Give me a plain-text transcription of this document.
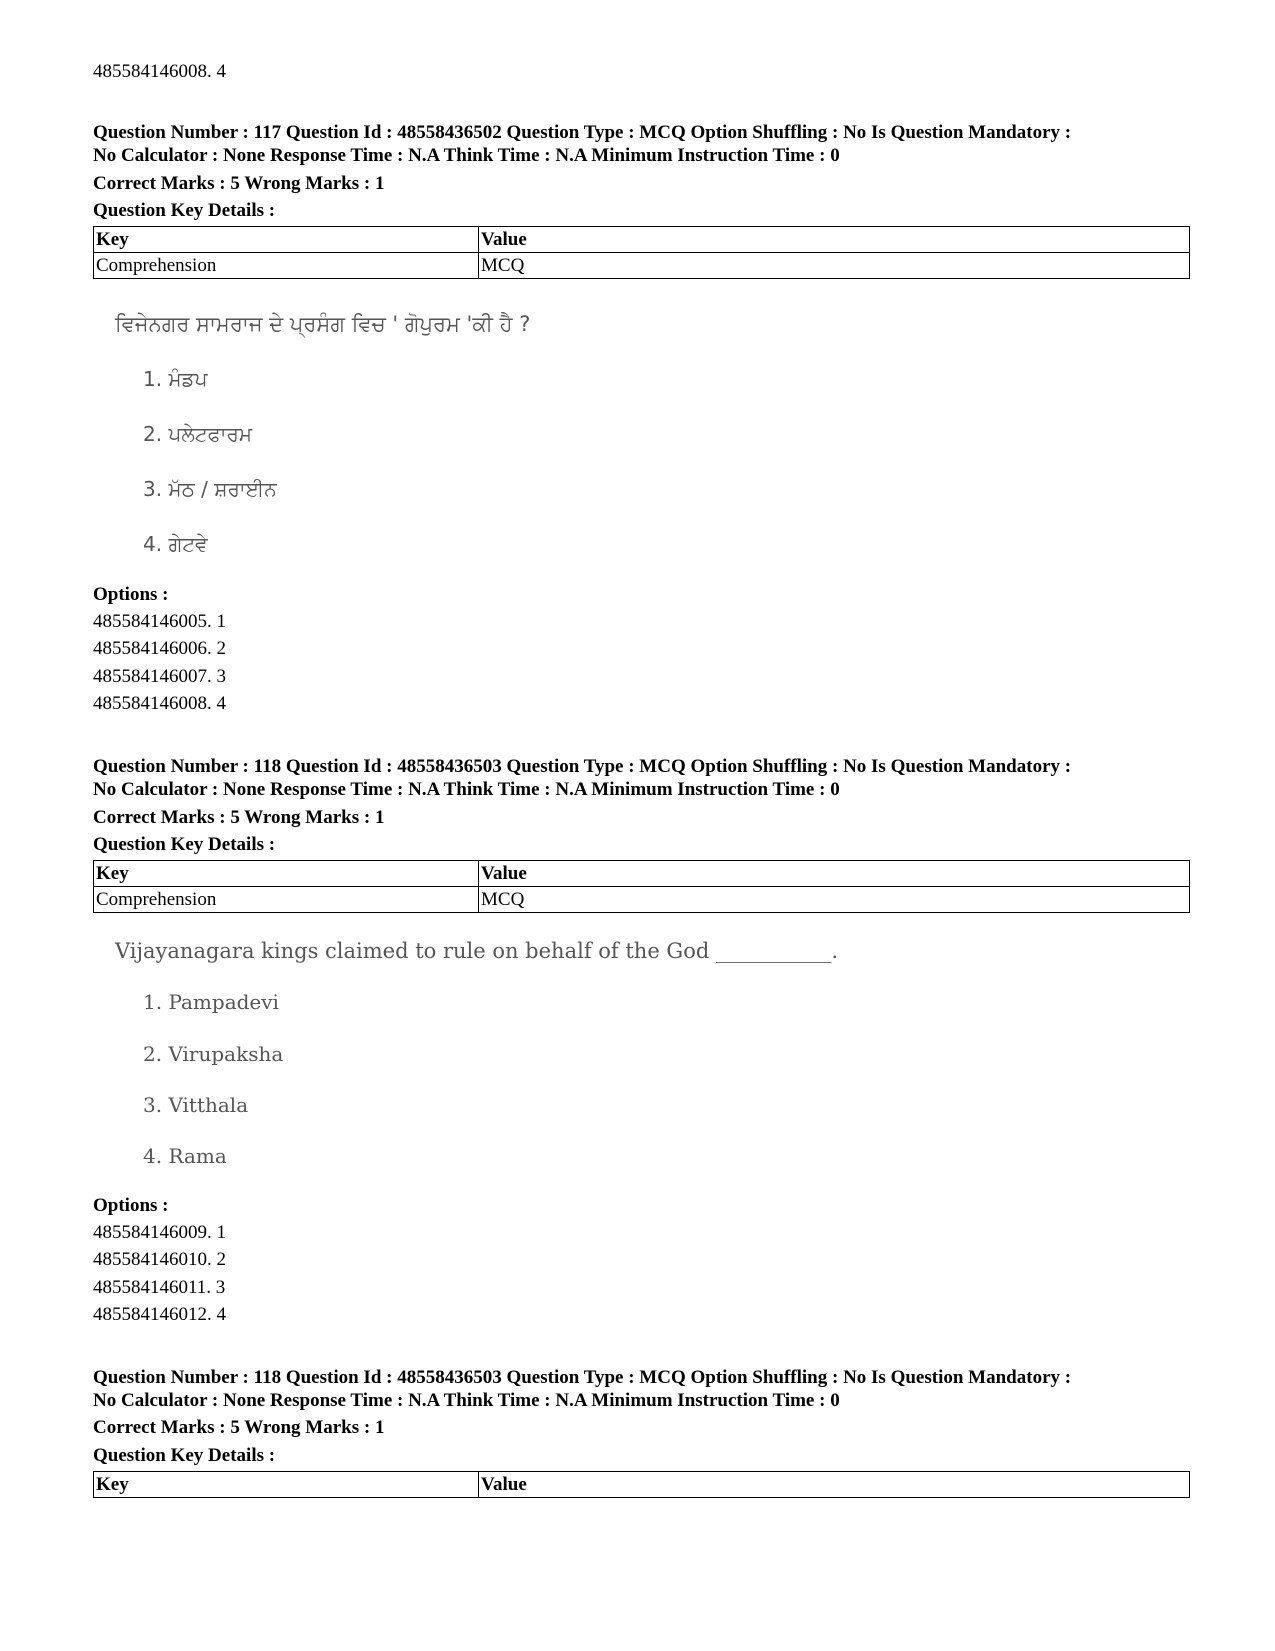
485584146008. 4
Question Number : 117 Question Id : 48558436502 Question Type : MCQ Option Shuffling : No Is Question Mandatory :
No Calculator : None Response Time : N.A Think Time : N.A Minimum Instruction Time : 0
Correct Marks : 5 Wrong Marks : 1
Question Key Details :
Key	Value
Comprehension	MCQ
ਵਿਜੇਨਗਰ ਸਾਮਰਾਜ ਦੇ ਪ੍ਰਸੰਗ ਵਿਚ ' ਗੋਪੁਰਮ 'ਕੀ ਹੈ ?
1. ਮੰਡਪ
2. ਪਲੇਟਫਾਰਮ
3. ਮੱਠ / ਸ਼ਰਾਈਨ
4. ਗੇਟਵੇ
Options :
485584146005. 1
485584146006. 2
485584146007. 3
485584146008. 4
Question Number : 118 Question Id : 48558436503 Question Type : MCQ Option Shuffling : No Is Question Mandatory :
No Calculator : None Response Time : N.A Think Time : N.A Minimum Instruction Time : 0
Correct Marks : 5 Wrong Marks : 1
Question Key Details :
Key	Value
Comprehension	MCQ
Vijayanagara kings claimed to rule on behalf of the God ___________.
1. Pampadevi
2. Virupaksha
3. Vitthala
4. Rama
Options :
485584146009. 1
485584146010. 2
485584146011. 3
485584146012. 4
Question Number : 118 Question Id : 48558436503 Question Type : MCQ Option Shuffling : No Is Question Mandatory :
No Calculator : None Response Time : N.A Think Time : N.A Minimum Instruction Time : 0
Correct Marks : 5 Wrong Marks : 1
Question Key Details :
Key	Value
